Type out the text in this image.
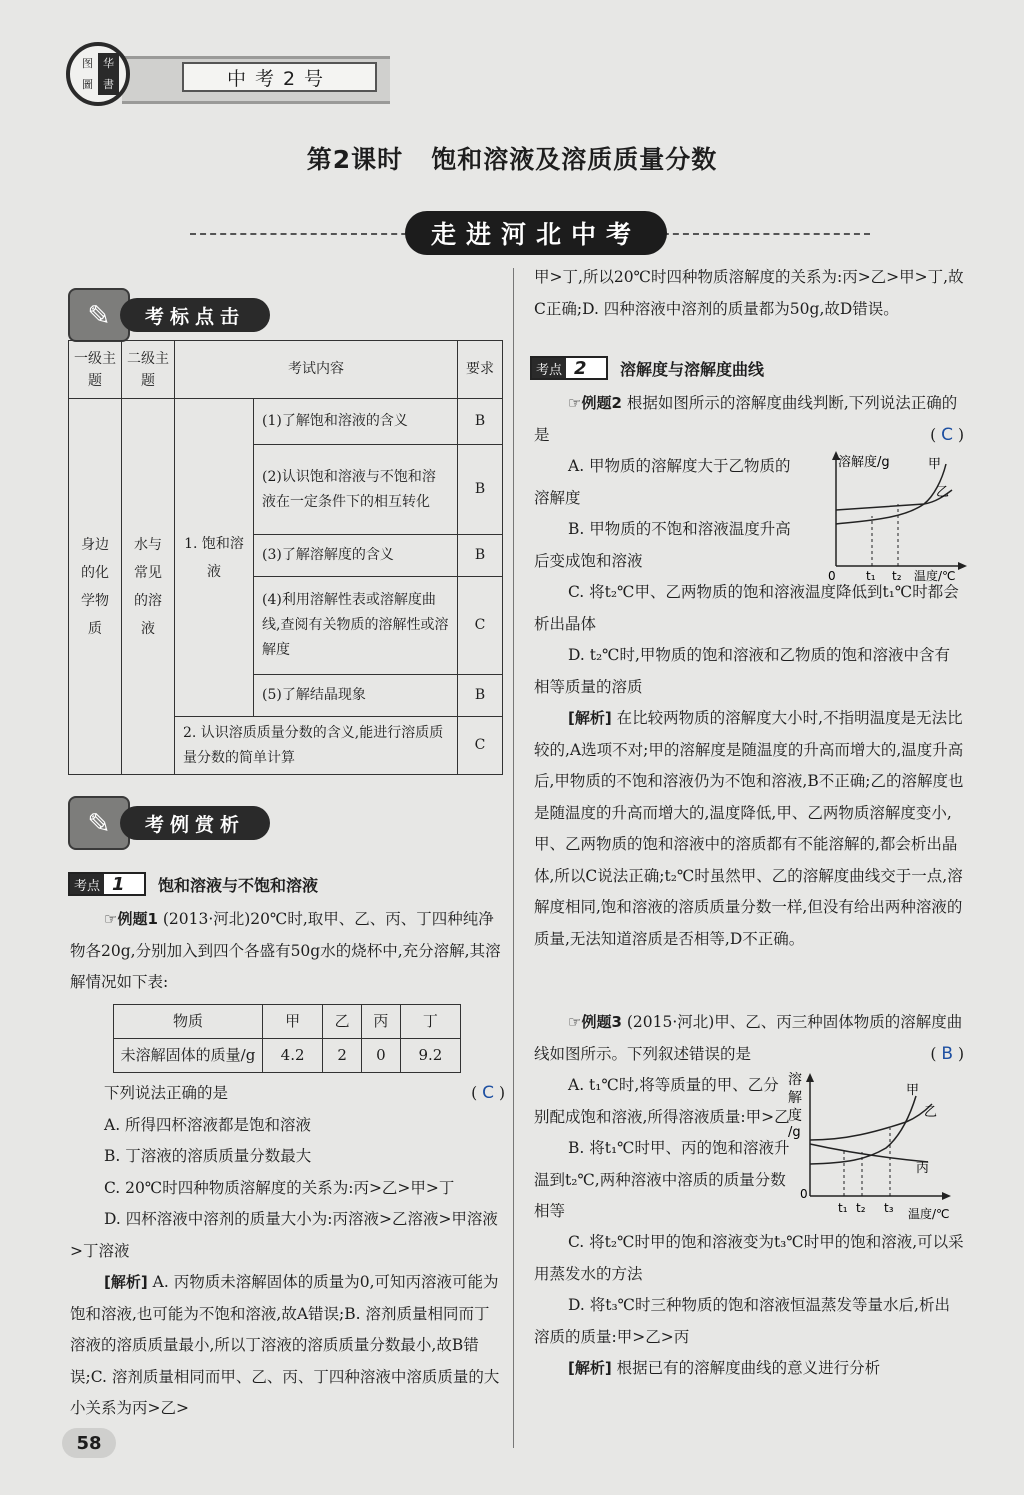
图 华
圖 書	中考2号
第2课时 饱和溶液及溶质质量分数
走进河北中考
✎	考标点击
一级主题	二级主题	考试内容		要求
身边的化学物质	水与常见的溶液	1. 饱和溶液	(1)了解饱和溶液的含义	B
			(2)认识饱和溶液与不饱和溶液在一定条件下的相互转化	B
			(3)了解溶解度的含义	B
			(4)利用溶解性表或溶解度曲线,查阅有关物质的溶解性或溶解度	C
			(5)了解结晶现象	B
		2. 认识溶质质量分数的含义,能进行溶质质量分数的简单计算		C
✎	考例赏析
考点 1 饱和溶液与不饱和溶液

☞例题1 (2013·河北)20℃时,取甲、乙、丙、丁四种纯净物各20g,分别加入到四个各盛有50g水的烧杯中,充分溶解,其溶解情况如下表:

物质	甲	乙	丙	丁
未溶解固体的质量/g	4.2	2	0	9.2

下列说法正确的是	( C )

A. 所得四杯溶液都是饱和溶液

B. 丁溶液的溶质质量分数最大

C. 20℃时四种物质溶解度的关系为:丙>乙>甲>丁

D. 四杯溶液中溶剂的质量大小为:丙溶液>乙溶液>甲溶液>丁溶液

[解析] A. 丙物质未溶解固体的质量为0,可知丙溶液可能为饱和溶液,也可能为不饱和溶液,故A错误;B. 溶剂质量相同而丁溶液的溶质质量最小,所以丁溶液的溶质质量分数最小,故B错误;C. 溶剂质量相同而甲、乙、丙、丁四种溶液中溶质质量的大小关系为丙>乙>

58
甲>丁,所以20℃时四种物质溶解度的关系为:丙>乙>甲>丁,故C正确;D. 四种溶液中溶剂的质量都为50g,故D错误。
考点 2 溶解度与溶解度曲线

☞例题2 根据如图所示的溶解度曲线判断,下列说法正确的是	( C )

A. 甲物质的溶解度大于乙物质的溶解度

B. 甲物质的不饱和溶液温度升高后变成饱和溶液

溶解度/g	甲
乙
0	t₁ t₂ 温度/℃

C. 将t₂℃甲、乙两物质的饱和溶液温度降低到t₁℃时都会析出晶体

D. t₂℃时,甲物质的饱和溶液和乙物质的饱和溶液中含有相等质量的溶质

[解析] 在比较两物质的溶解度大小时,不指明温度是无法比较的,A选项不对;甲的溶解度是随温度的升高而增大的,温度升高后,甲物质的不饱和溶液仍为不饱和溶液,B不正确;乙的溶解度也是随温度的升高而增大的,温度降低,甲、乙两物质溶解度变小,甲、乙两物质的饱和溶液中的溶质都有不能溶解的,都会析出晶体,所以C说法正确;t₂℃时虽然甲、乙的溶解度曲线交于一点,溶解度相同,饱和溶液的溶质质量分数一样,但没有给出两种溶液的质量,无法知道溶质是否相等,D不正确。

☞例题3 (2015·河北)甲、乙、丙三种固体物质的溶解度曲线如图所示。下列叙述错误的是	( B )

A. t₁℃时,将等质量的甲、乙分别配成饱和溶液,所得溶液质量:甲>乙

B. 将t₁℃时甲、丙的饱和溶液升温到t₂℃,两种溶液中溶质的质量分数相等

溶
解
度
/g
甲
乙
丙
0
t₁ t₂ t₃ 温度/℃

C. 将t₂℃时甲的饱和溶液变为t₃℃时甲的饱和溶液,可以采用蒸发水的方法

D. 将t₃℃时三种物质的饱和溶液恒温蒸发等量水后,析出溶质的质量:甲>乙>丙

[解析] 根据已有的溶解度曲线的意义进行分析
